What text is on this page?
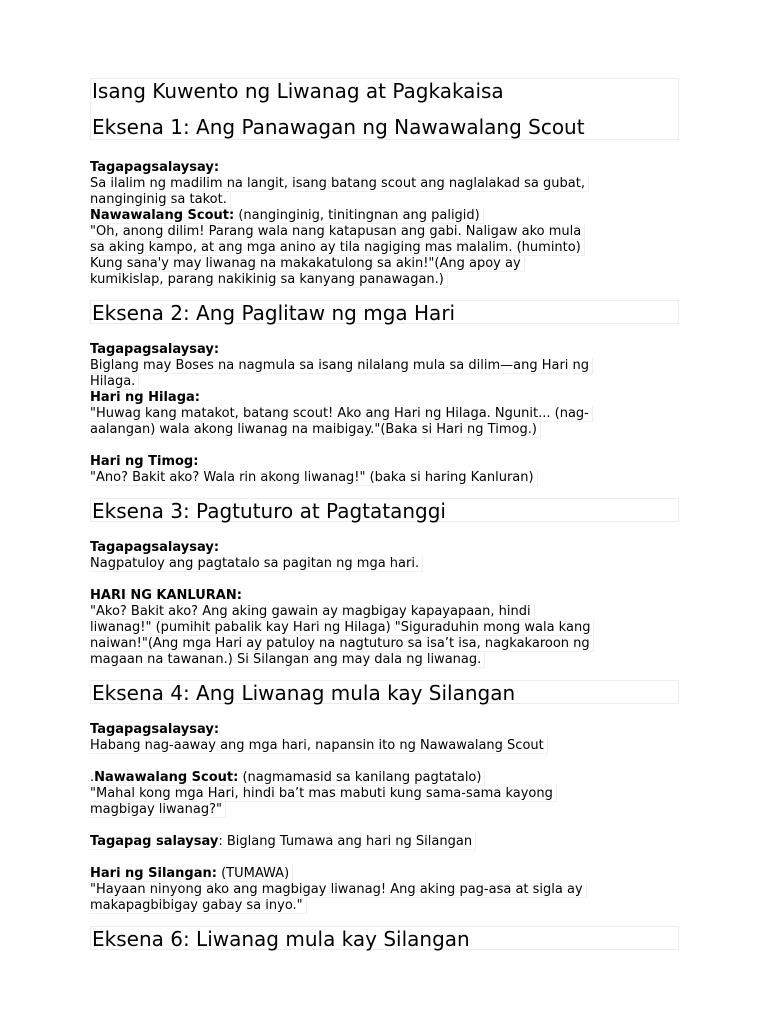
Isang Kuwento ng Liwanag at Pagkakaisa
Eksena 1: Ang Panawagan ng Nawawalang Scout
Tagapagsalaysay:
Sa ilalim ng madilim na langit, isang batang scout ang naglalakad sa gubat,
nanginginig sa takot.
Nawawalang Scout: (nanginginig, tinitingnan ang paligid)
"Oh, anong dilim! Parang wala nang katapusan ang gabi. Naligaw ako mula
sa aking kampo, at ang mga anino ay tila nagiging mas malalim. (huminto)
Kung sana'y may liwanag na makakatulong sa akin!"(Ang apoy ay
kumikislap, parang nakikinig sa kanyang panawagan.)
Eksena 2: Ang Paglitaw ng mga Hari
Tagapagsalaysay:
Biglang may Boses na nagmula sa isang nilalang mula sa dilim—ang Hari ng
Hilaga.
Hari ng Hilaga:
"Huwag kang matakot, batang scout! Ako ang Hari ng Hilaga. Ngunit... (nag-
aalangan) wala akong liwanag na maibigay."(Baka si Hari ng Timog.)
Hari ng Timog:
"Ano? Bakit ako? Wala rin akong liwanag!" (baka si haring Kanluran)
Eksena 3: Pagtuturo at Pagtatanggi
Tagapagsalaysay:
Nagpatuloy ang pagtatalo sa pagitan ng mga hari.
HARI NG KANLURAN:
"Ako? Bakit ako? Ang aking gawain ay magbigay kapayapaan, hindi
liwanag!" (pumihit pabalik kay Hari ng Hilaga) "Siguraduhin mong wala kang
naiwan!"(Ang mga Hari ay patuloy na nagtuturo sa isa’t isa, nagkakaroon ng
magaan na tawanan.) Si Silangan ang may dala ng liwanag.
Eksena 4: Ang Liwanag mula kay Silangan
Tagapagsalaysay:
Habang nag-aaway ang mga hari, napansin ito ng Nawawalang Scout
.Nawawalang Scout: (nagmamasid sa kanilang pagtatalo)
"Mahal kong mga Hari, hindi ba’t mas mabuti kung sama-sama kayong
magbigay liwanag?"
Tagapag salaysay: Biglang Tumawa ang hari ng Silangan
Hari ng Silangan: (TUMAWA)
"Hayaan ninyong ako ang magbigay liwanag! Ang aking pag-asa at sigla ay
makapagbibigay gabay sa inyo."
Eksena 6: Liwanag mula kay Silangan
